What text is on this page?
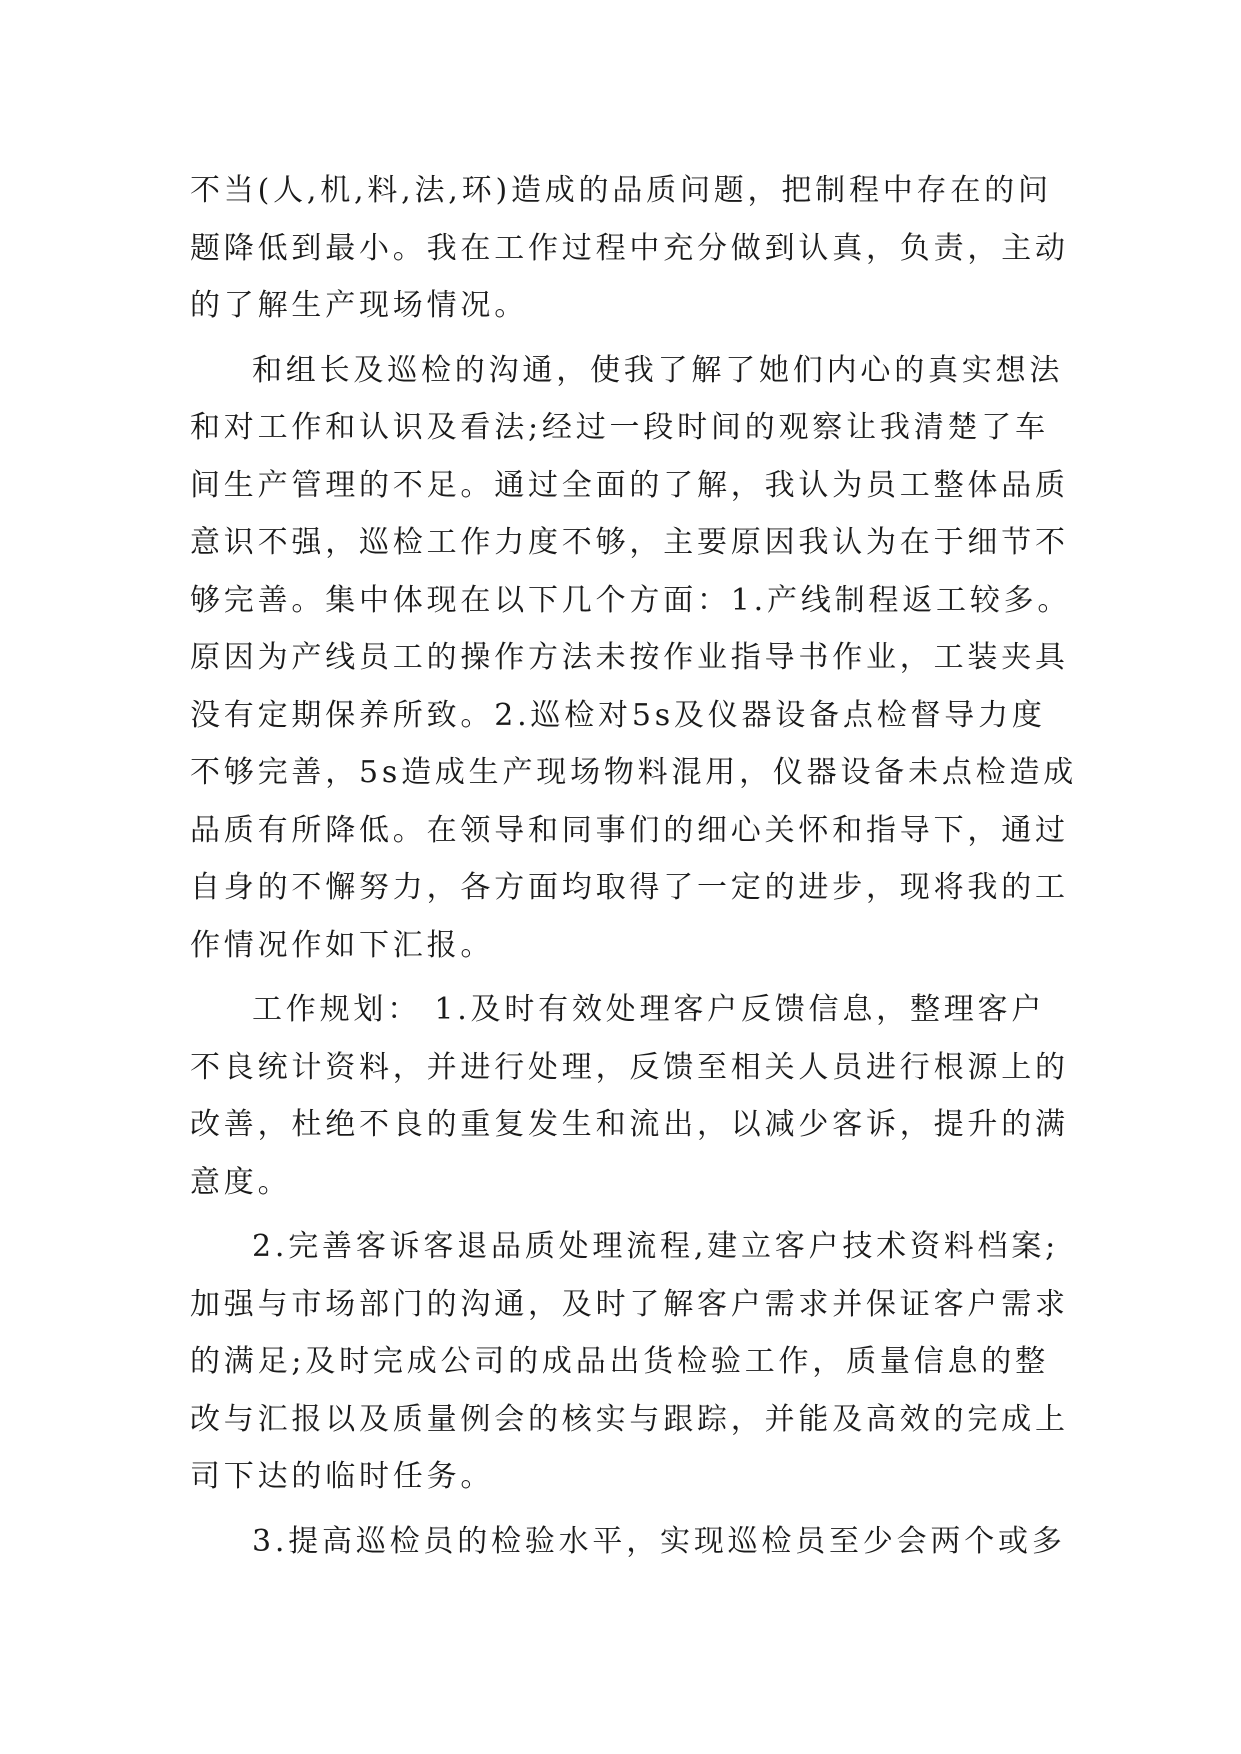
不当(人,机,料,法,环)造成的品质问题，把制程中存在的问
题降低到最小。我在工作过程中充分做到认真，负责，主动
的了解生产现场情况。
和组长及巡检的沟通，使我了解了她们内心的真实想法
和对工作和认识及看法;经过一段时间的观察让我清楚了车
间生产管理的不足。通过全面的了解，我认为员工整体品质
意识不强，巡检工作力度不够，主要原因我认为在于细节不
够完善。集中体现在以下几个方面：1.产线制程返工较多。
原因为产线员工的操作方法未按作业指导书作业，工装夹具
没有定期保养所致。2.巡检对5s及仪器设备点检督导力度
不够完善，5s造成生产现场物料混用，仪器设备未点检造成
品质有所降低。在领导和同事们的细心关怀和指导下，通过
自身的不懈努力，各方面均取得了一定的进步，现将我的工
作情况作如下汇报。
工作规划： 1.及时有效处理客户反馈信息，整理客户
不良统计资料，并进行处理，反馈至相关人员进行根源上的
改善，杜绝不良的重复发生和流出，以减少客诉，提升的满
意度。
2.完善客诉客退品质处理流程,建立客户技术资料档案;
加强与市场部门的沟通，及时了解客户需求并保证客户需求
的满足;及时完成公司的成品出货检验工作，质量信息的整
改与汇报以及质量例会的核实与跟踪，并能及高效的完成上
司下达的临时任务。
3.提高巡检员的检验水平，实现巡检员至少会两个或多
